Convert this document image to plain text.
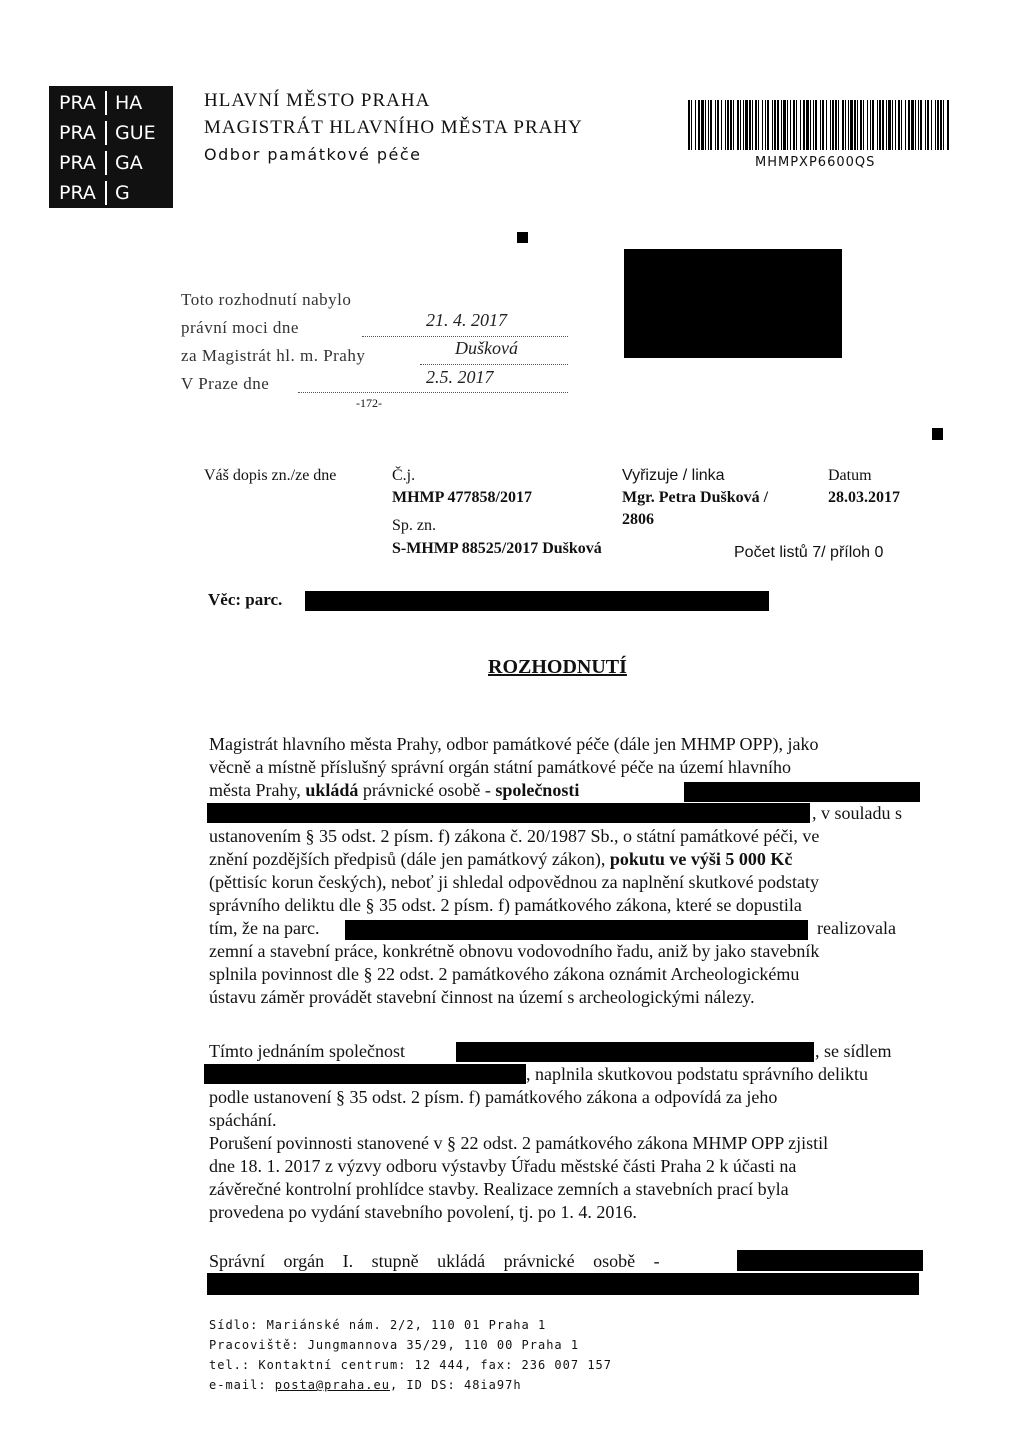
PRA	HA
PRA	GUE
PRA	GA
PRA	G
HLAVNÍ MĚSTO PRAHA
MAGISTRÁT HLAVNÍHO MĚSTA PRAHY
Odbor památkové péče	MHMPXP6600QS
Toto rozhodnutí nabylo
právní moci dne
za Magistrát hl. m. Prahy
V Praze dne
21. 4. 2017
Dušková
2.5. 2017
-172-
Váš dopis zn./ze dne	Č.j.
MHMP 477858/2017
Sp. zn.
S-MHMP 88525/2017 Dušková
Vyřizuje / linka
Mgr. Petra Dušková /
2806
Datum
28.03.2017
Počet listů 7/ příloh 0
Věc: parc.
ROZHODNUTÍ
Magistrát hlavního města Prahy, odbor památkové péče (dále jen MHMP OPP), jako
věcně a místně příslušný správní orgán státní památkové péče na území hlavního
města Prahy, ukládá právnické osobě - společnosti
, v souladu s
ustanovením § 35 odst. 2 písm. f) zákona č. 20/1987 Sb., o státní památkové péči, ve
znění pozdějších předpisů (dále jen památkový zákon), pokutu ve výši 5 000 Kč
(pěttisíc korun českých), neboť ji shledal odpovědnou za naplnění skutkové podstaty
správního deliktu dle § 35 odst. 2 písm. f) památkového zákona, které se dopustila
tím, že na parc.	realizovala
zemní a stavební práce, konkrétně obnovu vodovodního řadu, aniž by jako stavebník
splnila povinnost dle § 22 odst. 2 památkového zákona oznámit Archeologickému
ústavu záměr provádět stavební činnost na území s archeologickými nálezy.
Tímto jednáním společnost	, se sídlem
, naplnila skutkovou podstatu správního deliktu
podle ustanovení § 35 odst. 2 písm. f) památkového zákona a odpovídá za jeho
spáchání.
Porušení povinnosti stanovené v § 22 odst. 2 památkového zákona MHMP OPP zjistil
dne 18. 1. 2017 z výzvy odboru výstavby Úřadu městské části Praha 2 k účasti na
závěrečné kontrolní prohlídce stavby. Realizace zemních a stavebních prací byla
provedena po vydání stavebního povolení, tj. po 1. 4. 2016.
Správní orgán I. stupně ukládá právnické osobě -
Sídlo: Mariánské nám. 2/2, 110 01 Praha 1
Pracoviště: Jungmannova 35/29, 110 00 Praha 1
tel.: Kontaktní centrum: 12 444, fax: 236 007 157
e-mail: posta@praha.eu, ID DS: 48ia97h
